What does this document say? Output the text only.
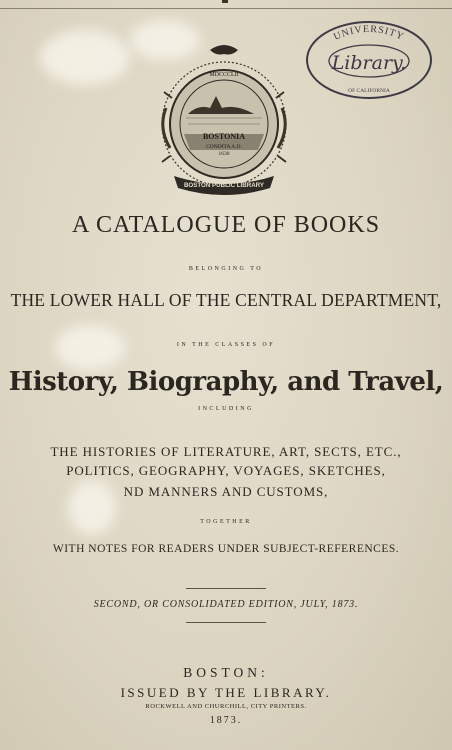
BOSTONIA
CONDITA A.D.
1630
MDCCCLII
BOSTON PUBLIC LIBRARY
UNIVERSITY
OF CALIFORNIA
Library.
A CATALOGUE OF BOOKS
BELONGING TO
THE LOWER HALL OF THE CENTRAL DEPARTMENT,
IN THE CLASSES OF
History, Biography, and Travel,
INCLUDING
THE HISTORIES OF LITERATURE, ART, SECTS, ETC.,
POLITICS, GEOGRAPHY, VOYAGES, SKETCHES,
ND MANNERS AND CUSTOMS,
TOGETHER
WITH NOTES FOR READERS UNDER SUBJECT-REFERENCES.
SECOND, OR CONSOLIDATED EDITION, JULY, 1873.
BOSTON:
ISSUED BY THE LIBRARY.
ROCKWELL AND CHURCHILL, CITY PRINTERS.
1873.
